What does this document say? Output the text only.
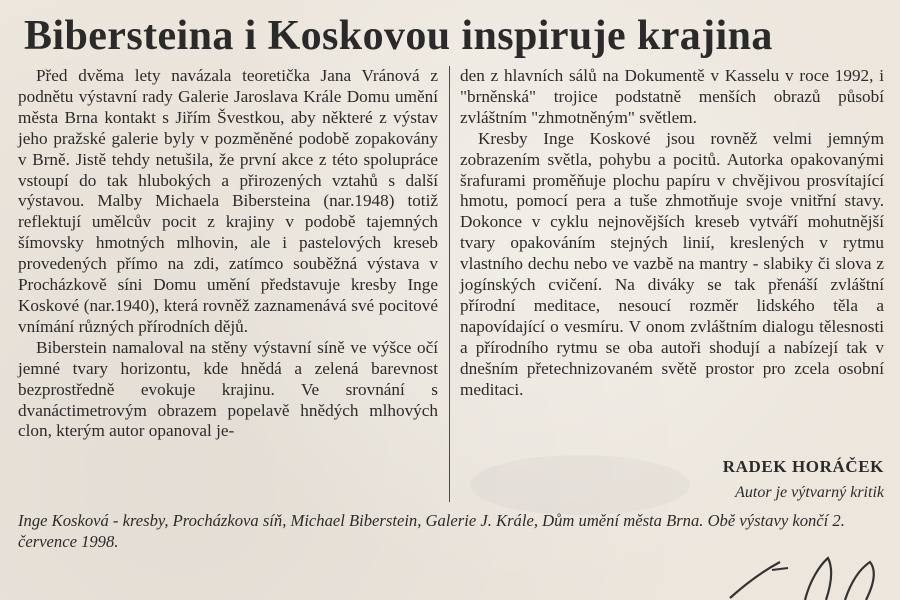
Bibersteina i Koskovou inspiruje krajina

Před dvěma lety navázala teoretička Jana Vránová z podnětu výstavní rady Galerie Jaroslava Krále Domu umění města Brna kontakt s Jiřím Švestkou, aby některé z výstav jeho pražské galerie byly v pozměněné podobě zopakovány v Brně. Jistě tehdy netušila, že první akce z této spolupráce vstoupí do tak hlubokých a přirozených vztahů s další výstavou. Malby Michaela Bibersteina (nar.1948) totiž reflektují umělcův pocit z krajiny v podobě tajemných šímovsky hmotných mlhovin, ale i pastelových kreseb provedených přímo na zdi, zatímco souběžná výstava v Procházkově síni Domu umění představuje kresby Inge Koskové (nar.1940), která rovněž zaznamenává své pocitové vnímání různých přírodních dějů.

Biberstein namaloval na stěny výstavní síně ve výšce očí jemné tvary horizontu, kde hnědá a zelená barevnost bezprostředně evokuje krajinu. Ve srovnání s dvanáctimetrovým obrazem popelavě hnědých mlhových clon, kterým autor opanoval je-

den z hlavních sálů na Dokumentě v Kasselu v roce 1992, i "brněnská" trojice podstatně menších obrazů působí zvláštním "zhmotněným" světlem.

Kresby Inge Koskové jsou rovněž velmi jemným zobrazením světla, pohybu a pocitů. Autorka opakovanými šrafurami proměňuje plochu papíru v chvějivou prosvítající hmotu, pomocí pera a tuše zhmotňuje svoje vnitřní stavy. Dokonce v cyklu nejnovějších kreseb vytváří mohutnější tvary opakováním stejných linií, kreslených v rytmu vlastního dechu nebo ve vazbě na mantry - slabiky či slova z jogínských cvičení. Na diváky se tak přenáší zvláštní přírodní meditace, nesoucí rozměr lidského těla a napovídající o vesmíru. V onom zvláštním dialogu tělesnosti a přírodního rytmu se oba autoři shodují a nabízejí tak v dnešním přetechnizovaném světě prostor pro zcela osobní meditaci.

RADEK HORÁČEK
Autor je výtvarný kritik
Inge Kosková - kresby, Procházkova síň, Michael Biberstein, Galerie J. Krále, Dům umění města Brna. Obě výstavy končí 2. července 1998.
